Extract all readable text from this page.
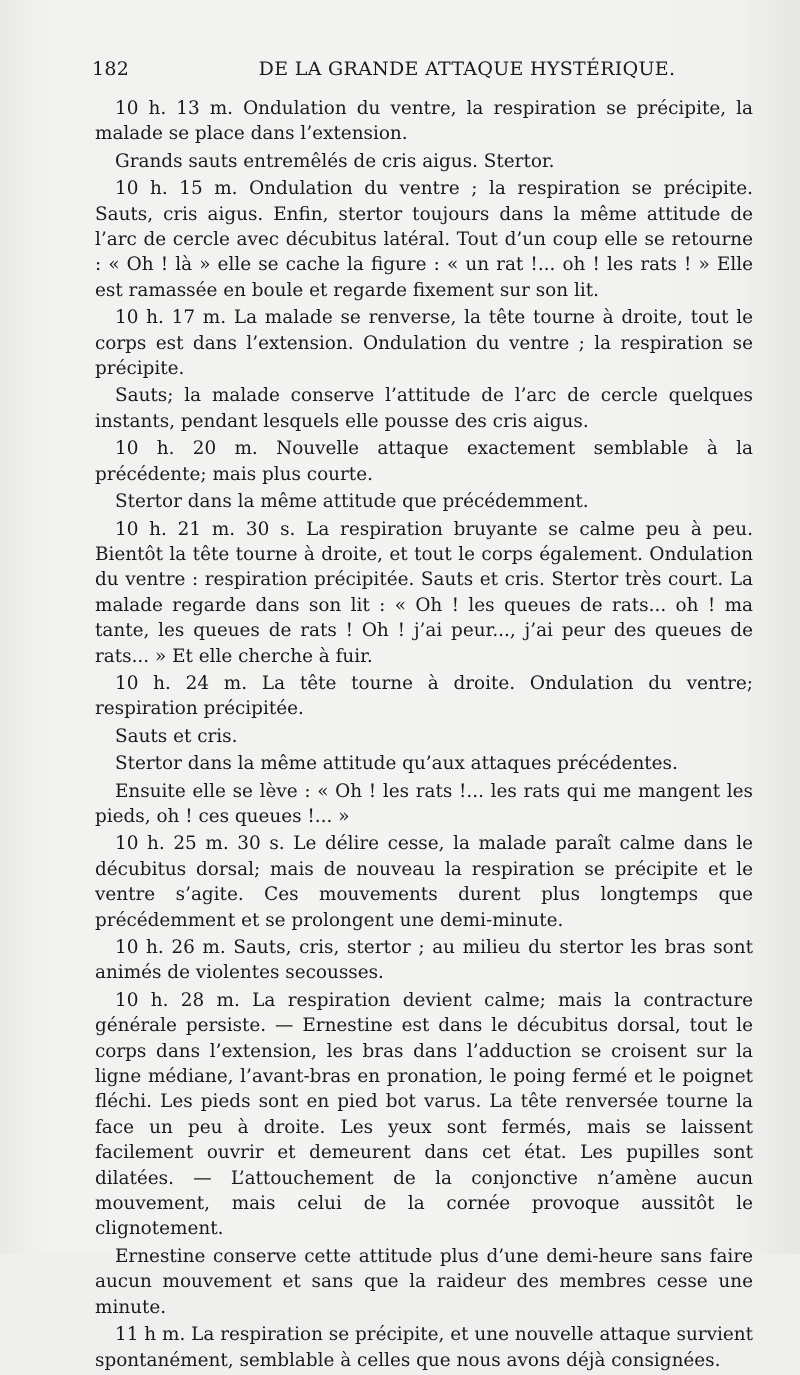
182	DE LA GRANDE ATTAQUE HYSTÉRIQUE.

10 h. 13 m. Ondulation du ventre, la respiration se précipite, la malade se place dans l’extension.

Grands sauts entremêlés de cris aigus. Stertor.

10 h. 15 m. Ondulation du ventre ; la respiration se précipite. Sauts, cris aigus. Enfin, stertor toujours dans la même attitude de l’arc de cercle avec décubitus latéral. Tout d’un coup elle se retourne : « Oh ! là » elle se cache la figure : « un rat !... oh ! les rats ! » Elle est ramassée en boule et regarde fixement sur son lit.

10 h. 17 m. La malade se renverse, la tête tourne à droite, tout le corps est dans l’extension. Ondulation du ventre ; la respiration se précipite.

Sauts; la malade conserve l’attitude de l’arc de cercle quelques instants, pendant lesquels elle pousse des cris aigus.

10 h. 20 m. Nouvelle attaque exactement semblable à la précédente; mais plus courte.

Stertor dans la même attitude que précédemment.

10 h. 21 m. 30 s. La respiration bruyante se calme peu à peu. Bientôt la tête tourne à droite, et tout le corps également. Ondulation du ventre : respiration précipitée. Sauts et cris. Stertor très court. La malade regarde dans son lit : « Oh ! les queues de rats... oh ! ma tante, les queues de rats ! Oh ! j’ai peur..., j’ai peur des queues de rats... » Et elle cherche à fuir.

10 h. 24 m. La tête tourne à droite. Ondulation du ventre; respiration précipitée.

Sauts et cris.

Stertor dans la même attitude qu’aux attaques précédentes.

Ensuite elle se lève : « Oh ! les rats !... les rats qui me mangent les pieds, oh ! ces queues !... »

10 h. 25 m. 30 s. Le délire cesse, la malade paraît calme dans le décubitus dorsal; mais de nouveau la respiration se précipite et le ventre s’agite. Ces mouvements durent plus longtemps que précédemment et se prolongent une demi-minute.

10 h. 26 m. Sauts, cris, stertor ; au milieu du stertor les bras sont animés de violentes secousses.

10 h. 28 m. La respiration devient calme; mais la contracture générale persiste. — Ernestine est dans le décubitus dorsal, tout le corps dans l’extension, les bras dans l’adduction se croisent sur la ligne médiane, l’avant-bras en pronation, le poing fermé et le poignet fléchi. Les pieds sont en pied bot varus. La tête renversée tourne la face un peu à droite. Les yeux sont fermés, mais se laissent facilement ouvrir et demeurent dans cet état. Les pupilles sont dilatées. — L’attouchement de la conjonctive n’amène aucun mouvement, mais celui de la cornée provoque aussitôt le clignotement.

Ernestine conserve cette attitude plus d’une demi-heure sans faire aucun mouvement et sans que la raideur des membres cesse une minute.

11 h m. La respiration se précipite, et une nouvelle attaque survient spontanément, semblable à celles que nous avons déjà consignées.
